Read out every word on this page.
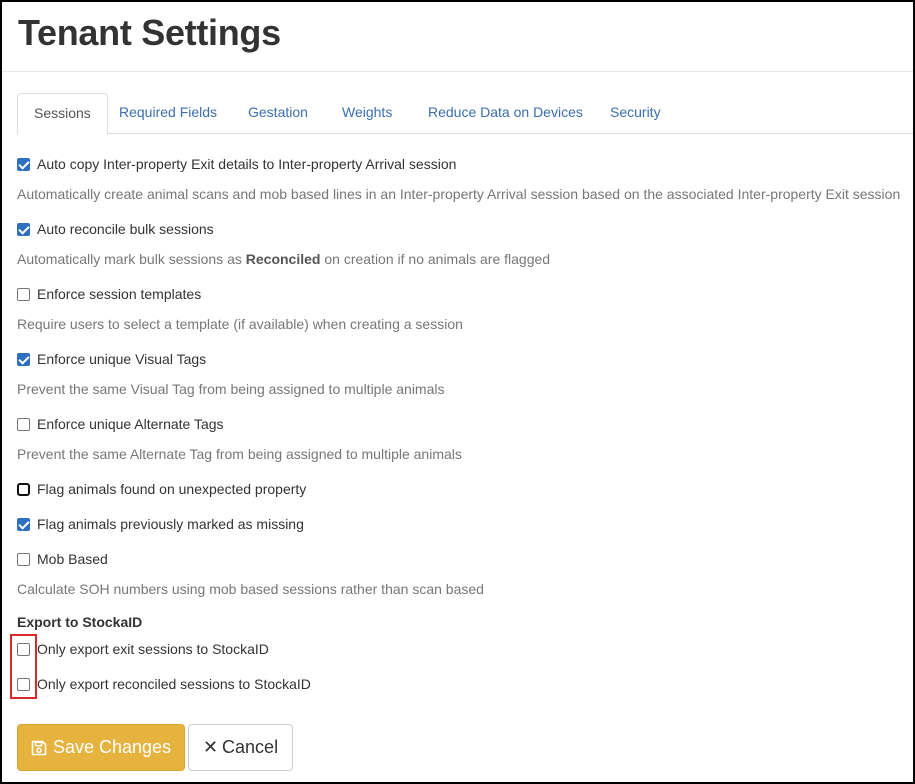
Tenant Settings
Sessions	Required Fields	Gestation	Weights	Reduce Data on Devices	Security
Auto copy Inter-property Exit details to Inter-property Arrival session
Automatically create animal scans and mob based lines in an Inter-property Arrival session based on the associated Inter-property Exit session
Auto reconcile bulk sessions
Automatically mark bulk sessions as Reconciled on creation if no animals are flagged
Enforce session templates
Require users to select a template (if available) when creating a session
Enforce unique Visual Tags
Prevent the same Visual Tag from being assigned to multiple animals
Enforce unique Alternate Tags
Prevent the same Alternate Tag from being assigned to multiple animals
Flag animals found on unexpected property
Flag animals previously marked as missing
Mob Based
Calculate SOH numbers using mob based sessions rather than scan based
Export to StockaID
Only export exit sessions to StockaID
Only export reconciled sessions to StockaID
Save Changes ✕ Cancel
